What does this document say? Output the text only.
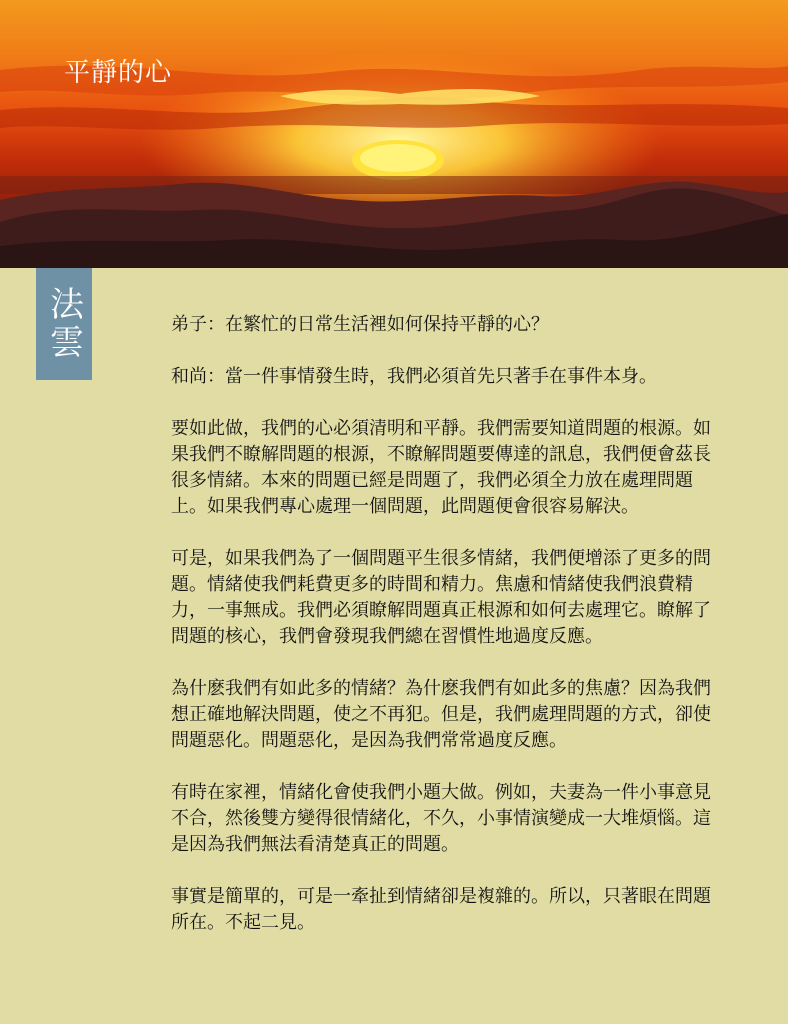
平靜的心
法雲	弟子：在繁忙的日常生活裡如何保持平靜的心？

和尚：當一件事情發生時，我們必須首先只著手在事件本身。

要如此做，我們的心必須清明和平靜。我們需要知道問題的根源。如果我們不瞭解問題的根源，不瞭解問題要傳達的訊息，我們便會茲長很多情緒。本來的問題已經是問題了，我們必須全力放在處理問題上。如果我們專心處理一個問題，此問題便會很容易解決。

可是，如果我們為了一個問題平生很多情緒，我們便增添了更多的問題。情緒使我們耗費更多的時間和精力。焦慮和情緒使我們浪費精力，一事無成。我們必須瞭解問題真正根源和如何去處理它。瞭解了問題的核心，我們會發現我們總在習慣性地過度反應。

為什麽我們有如此多的情緒？為什麽我們有如此多的焦慮？因為我們想正確地解決問題，使之不再犯。但是，我們處理問題的方式，卻使問題惡化。問題惡化，是因為我們常常過度反應。

有時在家裡，情緒化會使我們小題大做。例如，夫妻為一件小事意見不合，然後雙方變得很情緒化，不久，小事情演變成一大堆煩惱。這是因為我們無法看清楚真正的問題。

事實是簡單的，可是一牽扯到情緒卻是複雜的。所以，只著眼在問題所在。不起二見。
